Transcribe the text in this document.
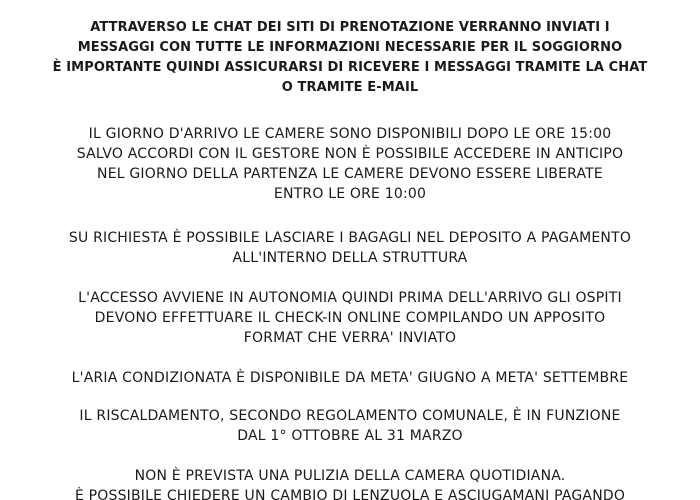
ATTRAVERSO LE CHAT DEI SITI DI PRENOTAZIONE VERRANNO INVIATI I
MESSAGGI CON TUTTE LE INFORMAZIONI NECESSARIE PER IL SOGGIORNO
È IMPORTANTE QUINDI ASSICURARSI DI RICEVERE I MESSAGGI TRAMITE LA CHAT
O TRAMITE E-MAIL

IL GIORNO D'ARRIVO LE CAMERE SONO DISPONIBILI DOPO LE ORE 15:00
SALVO ACCORDI CON IL GESTORE NON È POSSIBILE ACCEDERE IN ANTICIPO
NEL GIORNO DELLA PARTENZA LE CAMERE DEVONO ESSERE LIBERATE
ENTRO LE ORE 10:00

SU RICHIESTA È POSSIBILE LASCIARE I BAGAGLI NEL DEPOSITO A PAGAMENTO
ALL'INTERNO DELLA STRUTTURA

L'ACCESSO AVVIENE IN AUTONOMIA QUINDI PRIMA DELL'ARRIVO GLI OSPITI
DEVONO EFFETTUARE IL CHECK-IN ONLINE COMPILANDO UN APPOSITO
FORMAT CHE VERRA' INVIATO

L'ARIA CONDIZIONATA È DISPONIBILE DA META' GIUGNO A META' SETTEMBRE

IL RISCALDAMENTO, SECONDO REGOLAMENTO COMUNALE, È IN FUNZIONE
DAL 1° OTTOBRE AL 31 MARZO

NON È PREVISTA UNA PULIZIA DELLA CAMERA QUOTIDIANA.
È POSSIBILE CHIEDERE UN CAMBIO DI LENZUOLA E ASCIUGAMANI PAGANDO
